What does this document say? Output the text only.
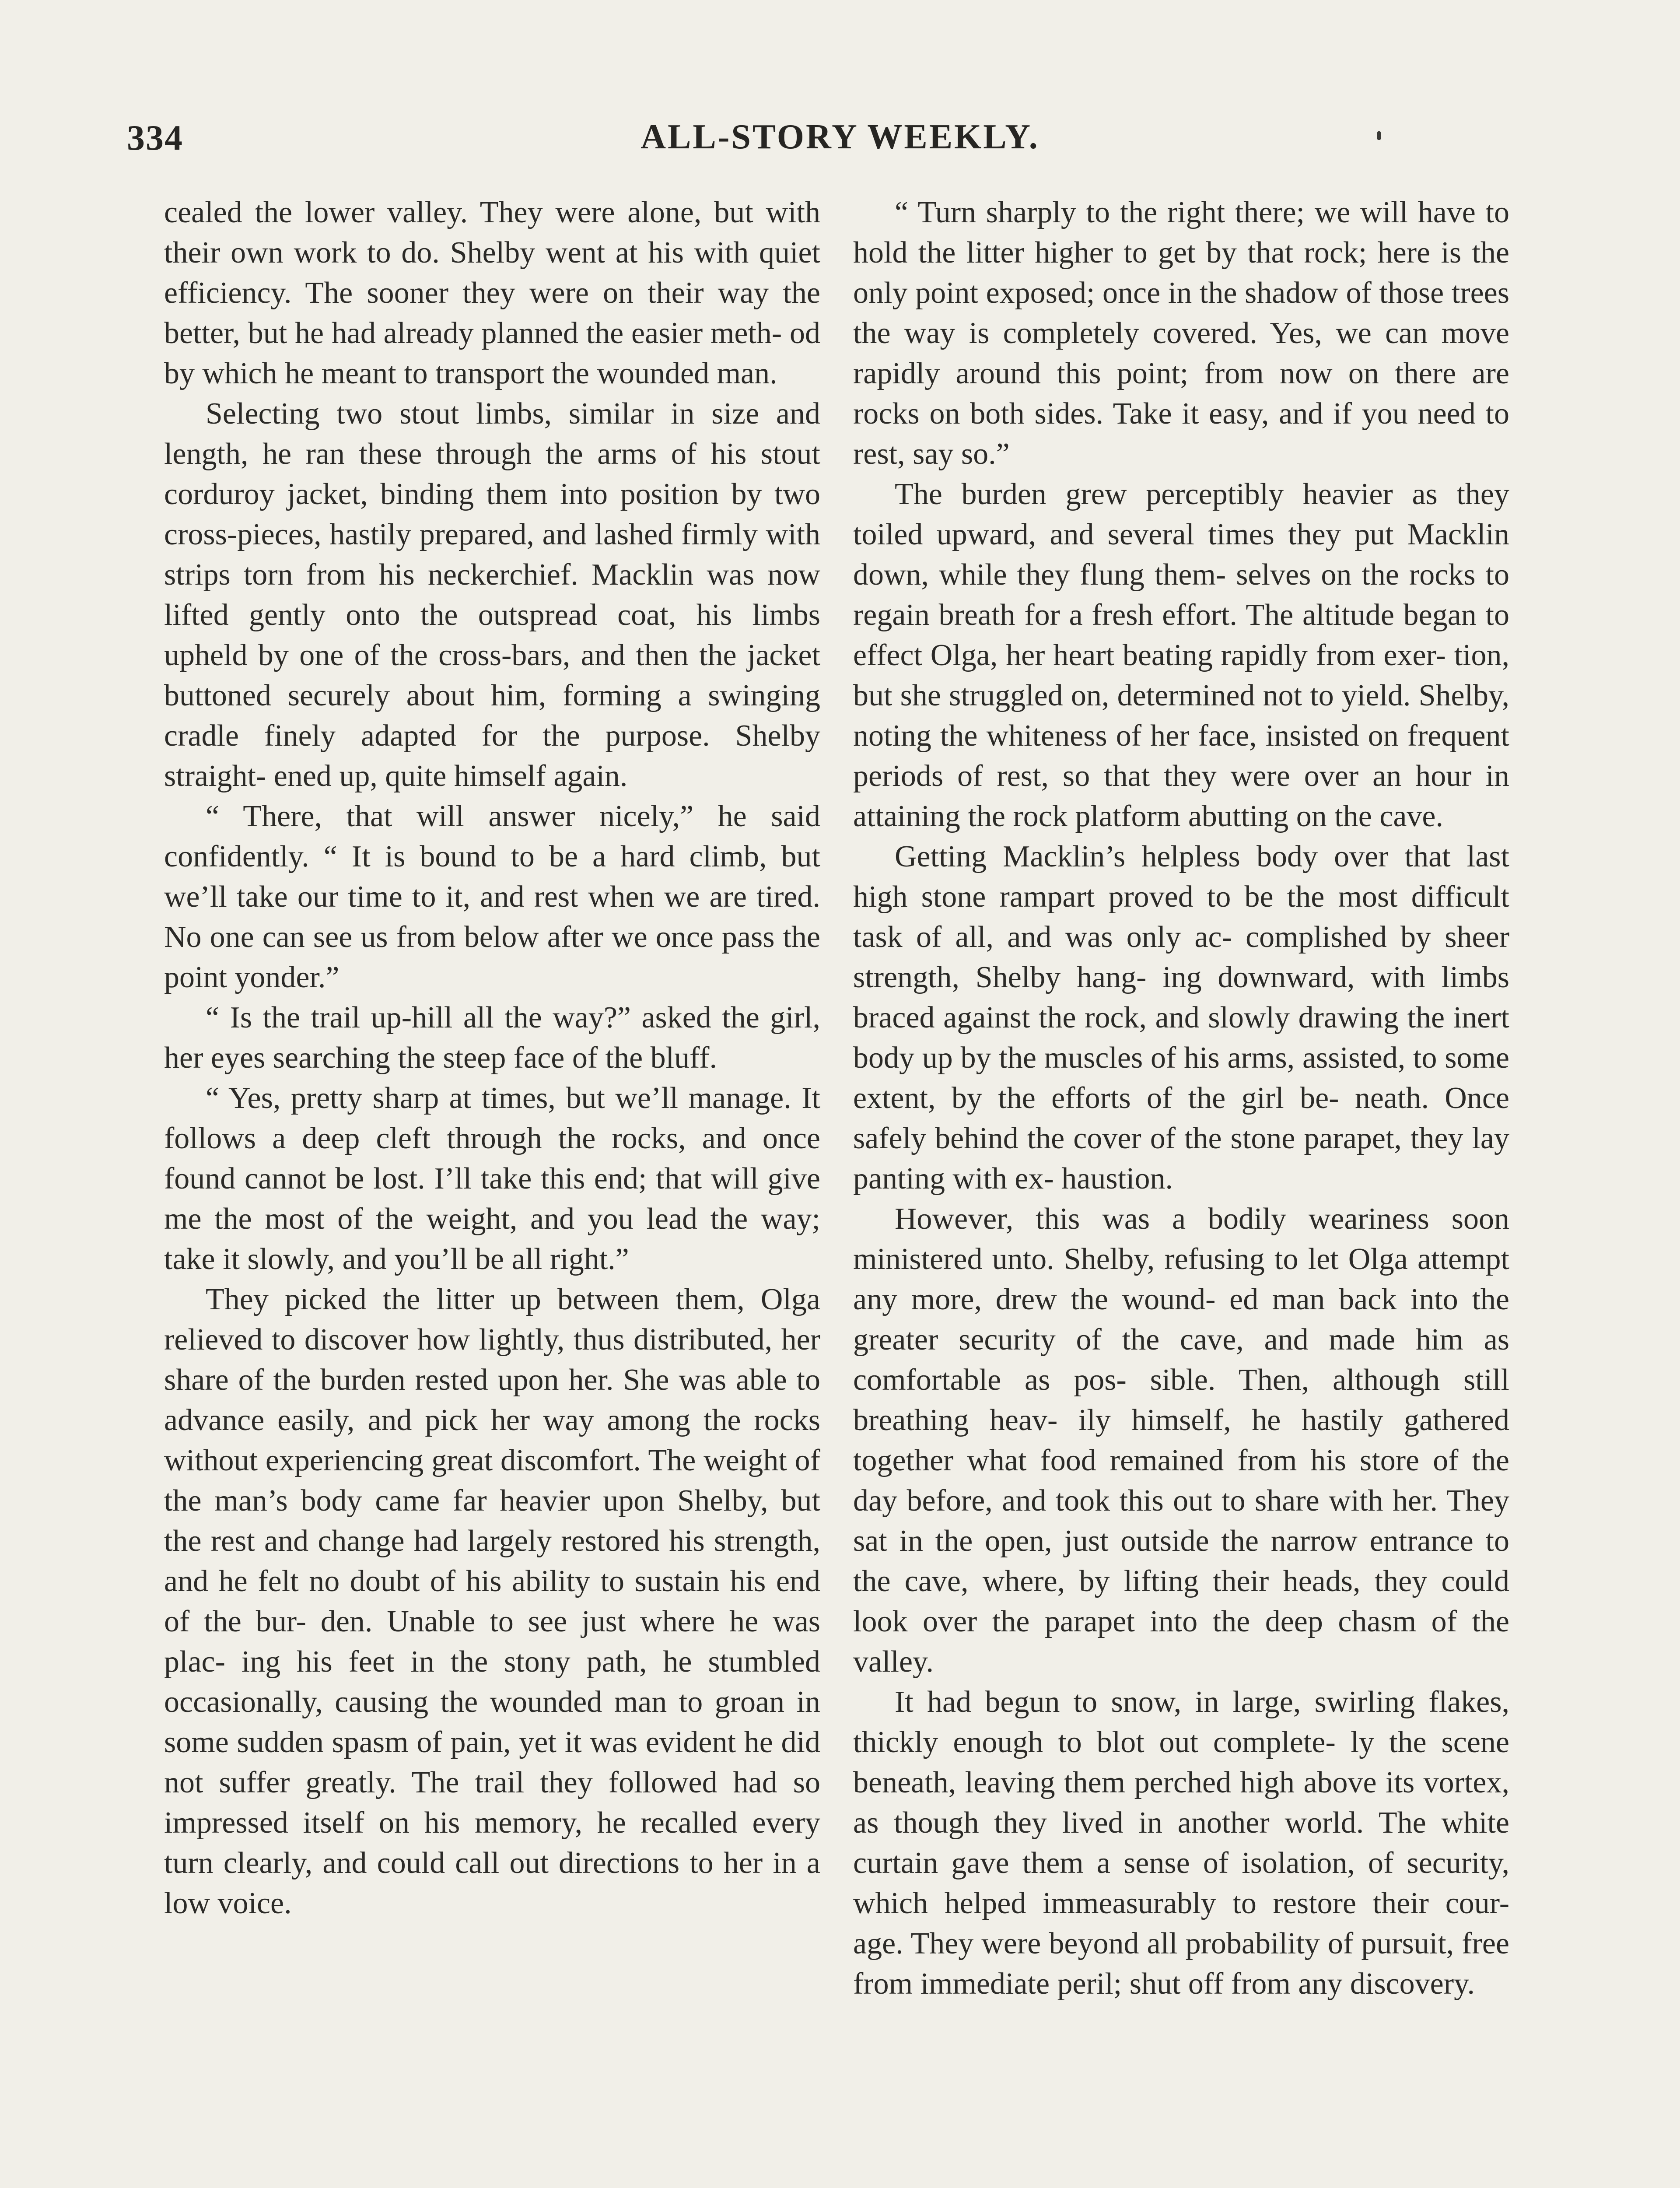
334	ALL-STORY WEEKLY.

cealed the lower valley. They were alone, but with their own work to do. Shelby went at his with quiet efficiency. The sooner they were on their way the better, but he had already planned the easier meth- od by which he meant to transport the wounded man.

Selecting two stout limbs, similar in size and length, he ran these through the arms of his stout corduroy jacket, binding them into position by two cross-pieces, hastily prepared, and lashed firmly with strips torn from his neckerchief. Macklin was now lifted gently onto the outspread coat, his limbs upheld by one of the cross-bars, and then the jacket buttoned securely about him, forming a swinging cradle finely adapted for the purpose. Shelby straight- ened up, quite himself again.

“ There, that will answer nicely,” he said confidently. “ It is bound to be a hard climb, but we’ll take our time to it, and rest when we are tired. No one can see us from below after we once pass the point yonder.”

“ Is the trail up-hill all the way?” asked the girl, her eyes searching the steep face of the bluff.

“ Yes, pretty sharp at times, but we’ll manage. It follows a deep cleft through the rocks, and once found cannot be lost. I’ll take this end; that will give me the most of the weight, and you lead the way; take it slowly, and you’ll be all right.”

They picked the litter up between them, Olga relieved to discover how lightly, thus distributed, her share of the burden rested upon her. She was able to advance easily, and pick her way among the rocks without experiencing great discomfort. The weight of the man’s body came far heavier upon Shelby, but the rest and change had largely restored his strength, and he felt no doubt of his ability to sustain his end of the bur- den. Unable to see just where he was plac- ing his feet in the stony path, he stumbled occasionally, causing the wounded man to groan in some sudden spasm of pain, yet it was evident he did not suffer greatly. The trail they followed had so impressed itself on his memory, he recalled every turn clearly, and could call out directions to her in a low voice.

“ Turn sharply to the right there; we will have to hold the litter higher to get by that rock; here is the only point exposed; once in the shadow of those trees the way is completely covered. Yes, we can move rapidly around this point; from now on there are rocks on both sides. Take it easy, and if you need to rest, say so.”

The burden grew perceptibly heavier as they toiled upward, and several times they put Macklin down, while they flung them- selves on the rocks to regain breath for a fresh effort. The altitude began to effect Olga, her heart beating rapidly from exer- tion, but she struggled on, determined not to yield. Shelby, noting the whiteness of her face, insisted on frequent periods of rest, so that they were over an hour in attaining the rock platform abutting on the cave.

Getting Macklin’s helpless body over that last high stone rampart proved to be the most difficult task of all, and was only ac- complished by sheer strength, Shelby hang- ing downward, with limbs braced against the rock, and slowly drawing the inert body up by the muscles of his arms, assisted, to some extent, by the efforts of the girl be- neath. Once safely behind the cover of the stone parapet, they lay panting with ex- haustion.

However, this was a bodily weariness soon ministered unto. Shelby, refusing to let Olga attempt any more, drew the wound- ed man back into the greater security of the cave, and made him as comfortable as pos- sible. Then, although still breathing heav- ily himself, he hastily gathered together what food remained from his store of the day before, and took this out to share with her. They sat in the open, just outside the narrow entrance to the cave, where, by lifting their heads, they could look over the parapet into the deep chasm of the valley.

It had begun to snow, in large, swirling flakes, thickly enough to blot out complete- ly the scene beneath, leaving them perched high above its vortex, as though they lived in another world. The white curtain gave them a sense of isolation, of security, which helped immeasurably to restore their cour- age. They were beyond all probability of pursuit, free from immediate peril; shut off from any discovery.
